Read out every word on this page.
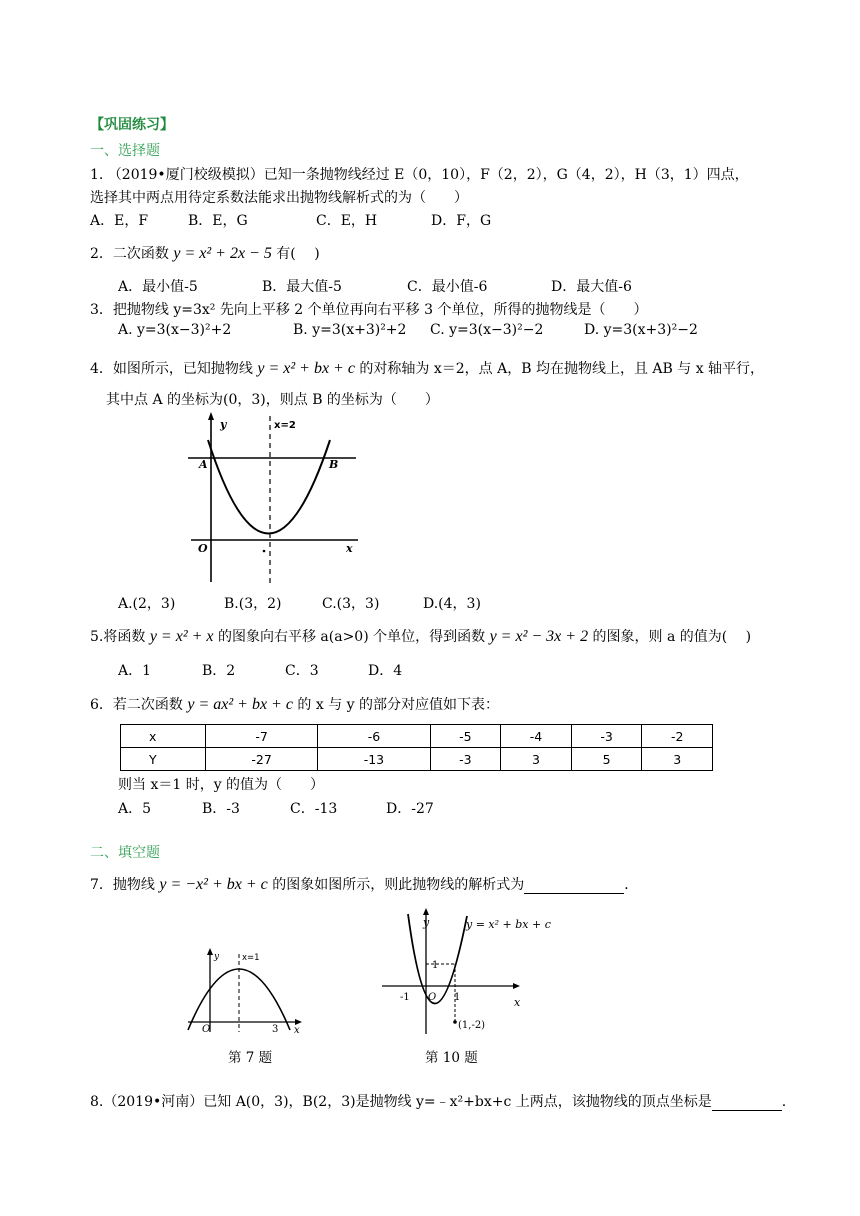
【巩固练习】
一、选择题
1. （2019•厦门校级模拟）已知一条抛物线经过 E（0，10），F（2，2），G（4，2），H（3，1）四点，
选择其中两点用待定系数法能求出抛物线解析式的为（　　）
A．E，F	B．E，G	C．E，H	D．F，G
2．二次函数 y = x² + 2x − 5 有(　 )
A．最小值-5	B．最大值-5	C．最小值-6	D．最大值-6
3．把抛物线 y=3x² 先向上平移 2 个单位再向右平移 3 个单位，所得的抛物线是（　　）
A. y=3(x−3)²+2	B. y=3(x+3)²+2 C. y=3(x−3)²−2	D. y=3(x+3)²−2
4．如图所示，已知抛物线 y = x² + bx + c 的对称轴为 x＝2，点 A，B 均在抛物线上，且 AB 与 x 轴平行，
其中点 A 的坐标为(0，3)，则点 B 的坐标为（　　）
y	x=2
A	B
O	x
A.(2，3)	B.(3，2)	C.(3，3)	D.(4，3)
5.将函数 y = x² + x 的图象向右平移 a(a>0) 个单位，得到函数 y = x² − 3x + 2 的图象，则 a 的值为(　 )
A．1	B．2	C．3	D．4
6．若二次函数 y = ax² + bx + c 的 x 与 y 的部分对应值如下表：
x	-7	-6	-5	-4	-3	-2
Y	-27	-13	-3	3	5	3
则当 x＝1 时，y 的值为（　　）
A．5	B．-3	C．-13	D．-27
二、填空题
7．抛物线 y = −x² + bx + c 的图象如图所示，则此抛物线的解析式为	．
y	x=1
O	3 x
第 7 题
y	y = x² + bx + c
1
-1 O 1	x
(1,-2)
第 10 题
8.（2019•河南）已知 A(0，3)，B(2，3)是抛物线 y=﹣x²+bx+c 上两点，该抛物线的顶点坐标是	.
